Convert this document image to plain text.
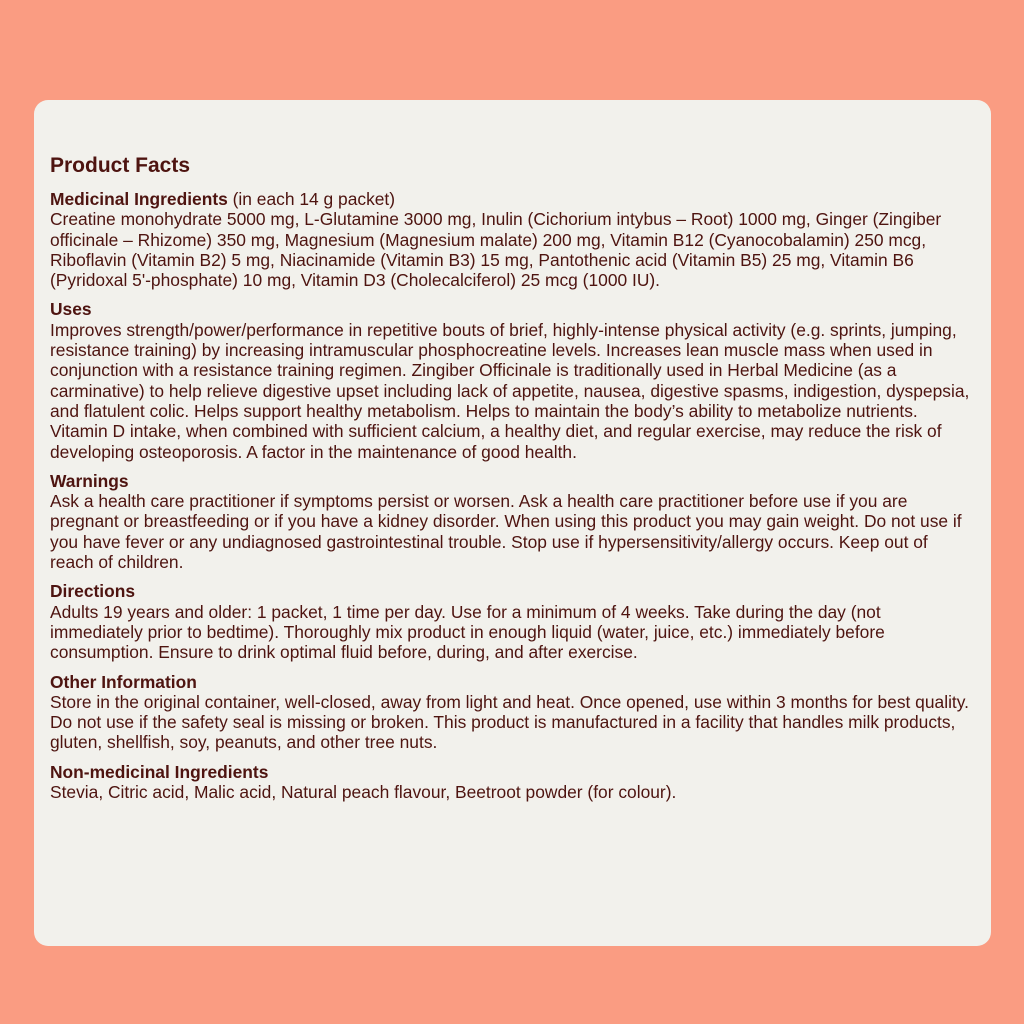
Product Facts
Medicinal Ingredients (in each 14 g packet)
Creatine monohydrate 5000 mg, L-Glutamine 3000 mg, Inulin (Cichorium intybus – Root) 1000 mg, Ginger (Zingiber officinale – Rhizome) 350 mg, Magnesium (Magnesium malate) 200 mg, Vitamin B12 (Cyanocobalamin) 250 mcg, Riboflavin (Vitamin B2) 5 mg, Niacinamide (Vitamin B3) 15 mg, Pantothenic acid (Vitamin B5) 25 mg, Vitamin B6 (Pyridoxal 5'-phosphate) 10 mg, Vitamin D3 (Cholecalciferol) 25 mcg (1000 IU).
Uses
Improves strength/power/performance in repetitive bouts of brief, highly-intense physical activity (e.g. sprints, jumping, resistance training) by increasing intramuscular phosphocreatine levels. Increases lean muscle mass when used in conjunction with a resistance training regimen. Zingiber Officinale is traditionally used in Herbal Medicine (as a carminative) to help relieve digestive upset including lack of appetite, nausea, digestive spasms, indigestion, dyspepsia, and flatulent colic. Helps support healthy metabolism. Helps to maintain the body’s ability to metabolize nutrients. Vitamin D intake, when combined with sufficient calcium, a healthy diet, and regular exercise, may reduce the risk of developing osteoporosis. A factor in the maintenance of good health.
Warnings
Ask a health care practitioner if symptoms persist or worsen. Ask a health care practitioner before use if you are pregnant or breastfeeding or if you have a kidney disorder. When using this product you may gain weight. Do not use if you have fever or any undiagnosed gastrointestinal trouble. Stop use if hypersensitivity/allergy occurs. Keep out of reach of children.
Directions
Adults 19 years and older: 1 packet, 1 time per day. Use for a minimum of 4 weeks. Take during the day (not immediately prior to bedtime). Thoroughly mix product in enough liquid (water, juice, etc.) immediately before consumption. Ensure to drink optimal fluid before, during, and after exercise.
Other Information
Store in the original container, well-closed, away from light and heat. Once opened, use within 3 months for best quality. Do not use if the safety seal is missing or broken. This product is manufactured in a facility that handles milk products, gluten, shellfish, soy, peanuts, and other tree nuts.
Non-medicinal Ingredients
Stevia, Citric acid, Malic acid, Natural peach flavour, Beetroot powder (for colour).
